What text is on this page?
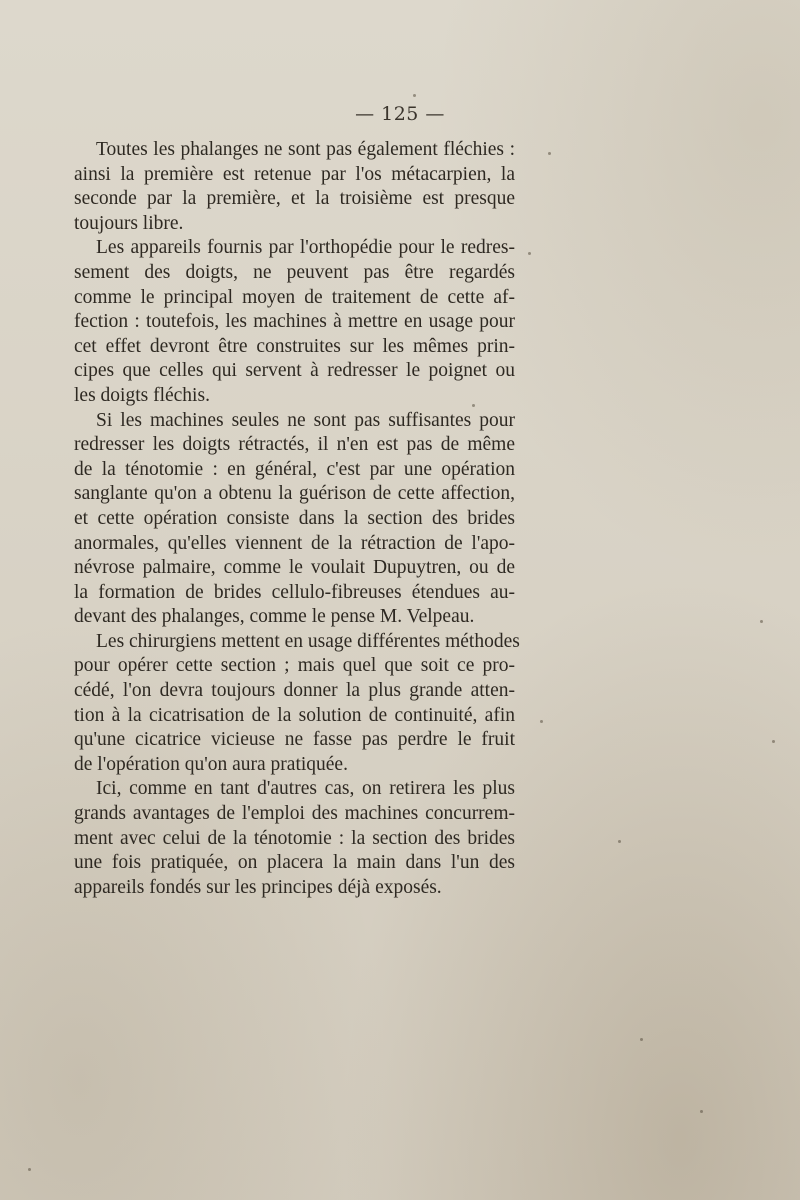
— 125 —
Toutes les phalanges ne sont pas également fléchies :
ainsi la première est retenue par l'os métacarpien, la
seconde par la première, et la troisième est presque
toujours libre.
Les appareils fournis par l'orthopédie pour le redres-
sement des doigts, ne peuvent pas être regardés
comme le principal moyen de traitement de cette af-
fection : toutefois, les machines à mettre en usage pour
cet effet devront être construites sur les mêmes prin-
cipes que celles qui servent à redresser le poignet ou
les doigts fléchis.
Si les machines seules ne sont pas suffisantes pour
redresser les doigts rétractés, il n'en est pas de même
de la ténotomie : en général, c'est par une opération
sanglante qu'on a obtenu la guérison de cette affection,
et cette opération consiste dans la section des brides
anormales, qu'elles viennent de la rétraction de l'apo-
névrose palmaire, comme le voulait Dupuytren, ou de
la formation de brides cellulo-fibreuses étendues au-
devant des phalanges, comme le pense M. Velpeau.
Les chirurgiens mettent en usage différentes méthodes
pour opérer cette section ; mais quel que soit ce pro-
cédé, l'on devra toujours donner la plus grande atten-
tion à la cicatrisation de la solution de continuité, afin
qu'une cicatrice vicieuse ne fasse pas perdre le fruit
de l'opération qu'on aura pratiquée.
Ici, comme en tant d'autres cas, on retirera les plus
grands avantages de l'emploi des machines concurrem-
ment avec celui de la ténotomie : la section des brides
une fois pratiquée, on placera la main dans l'un des
appareils fondés sur les principes déjà exposés.
